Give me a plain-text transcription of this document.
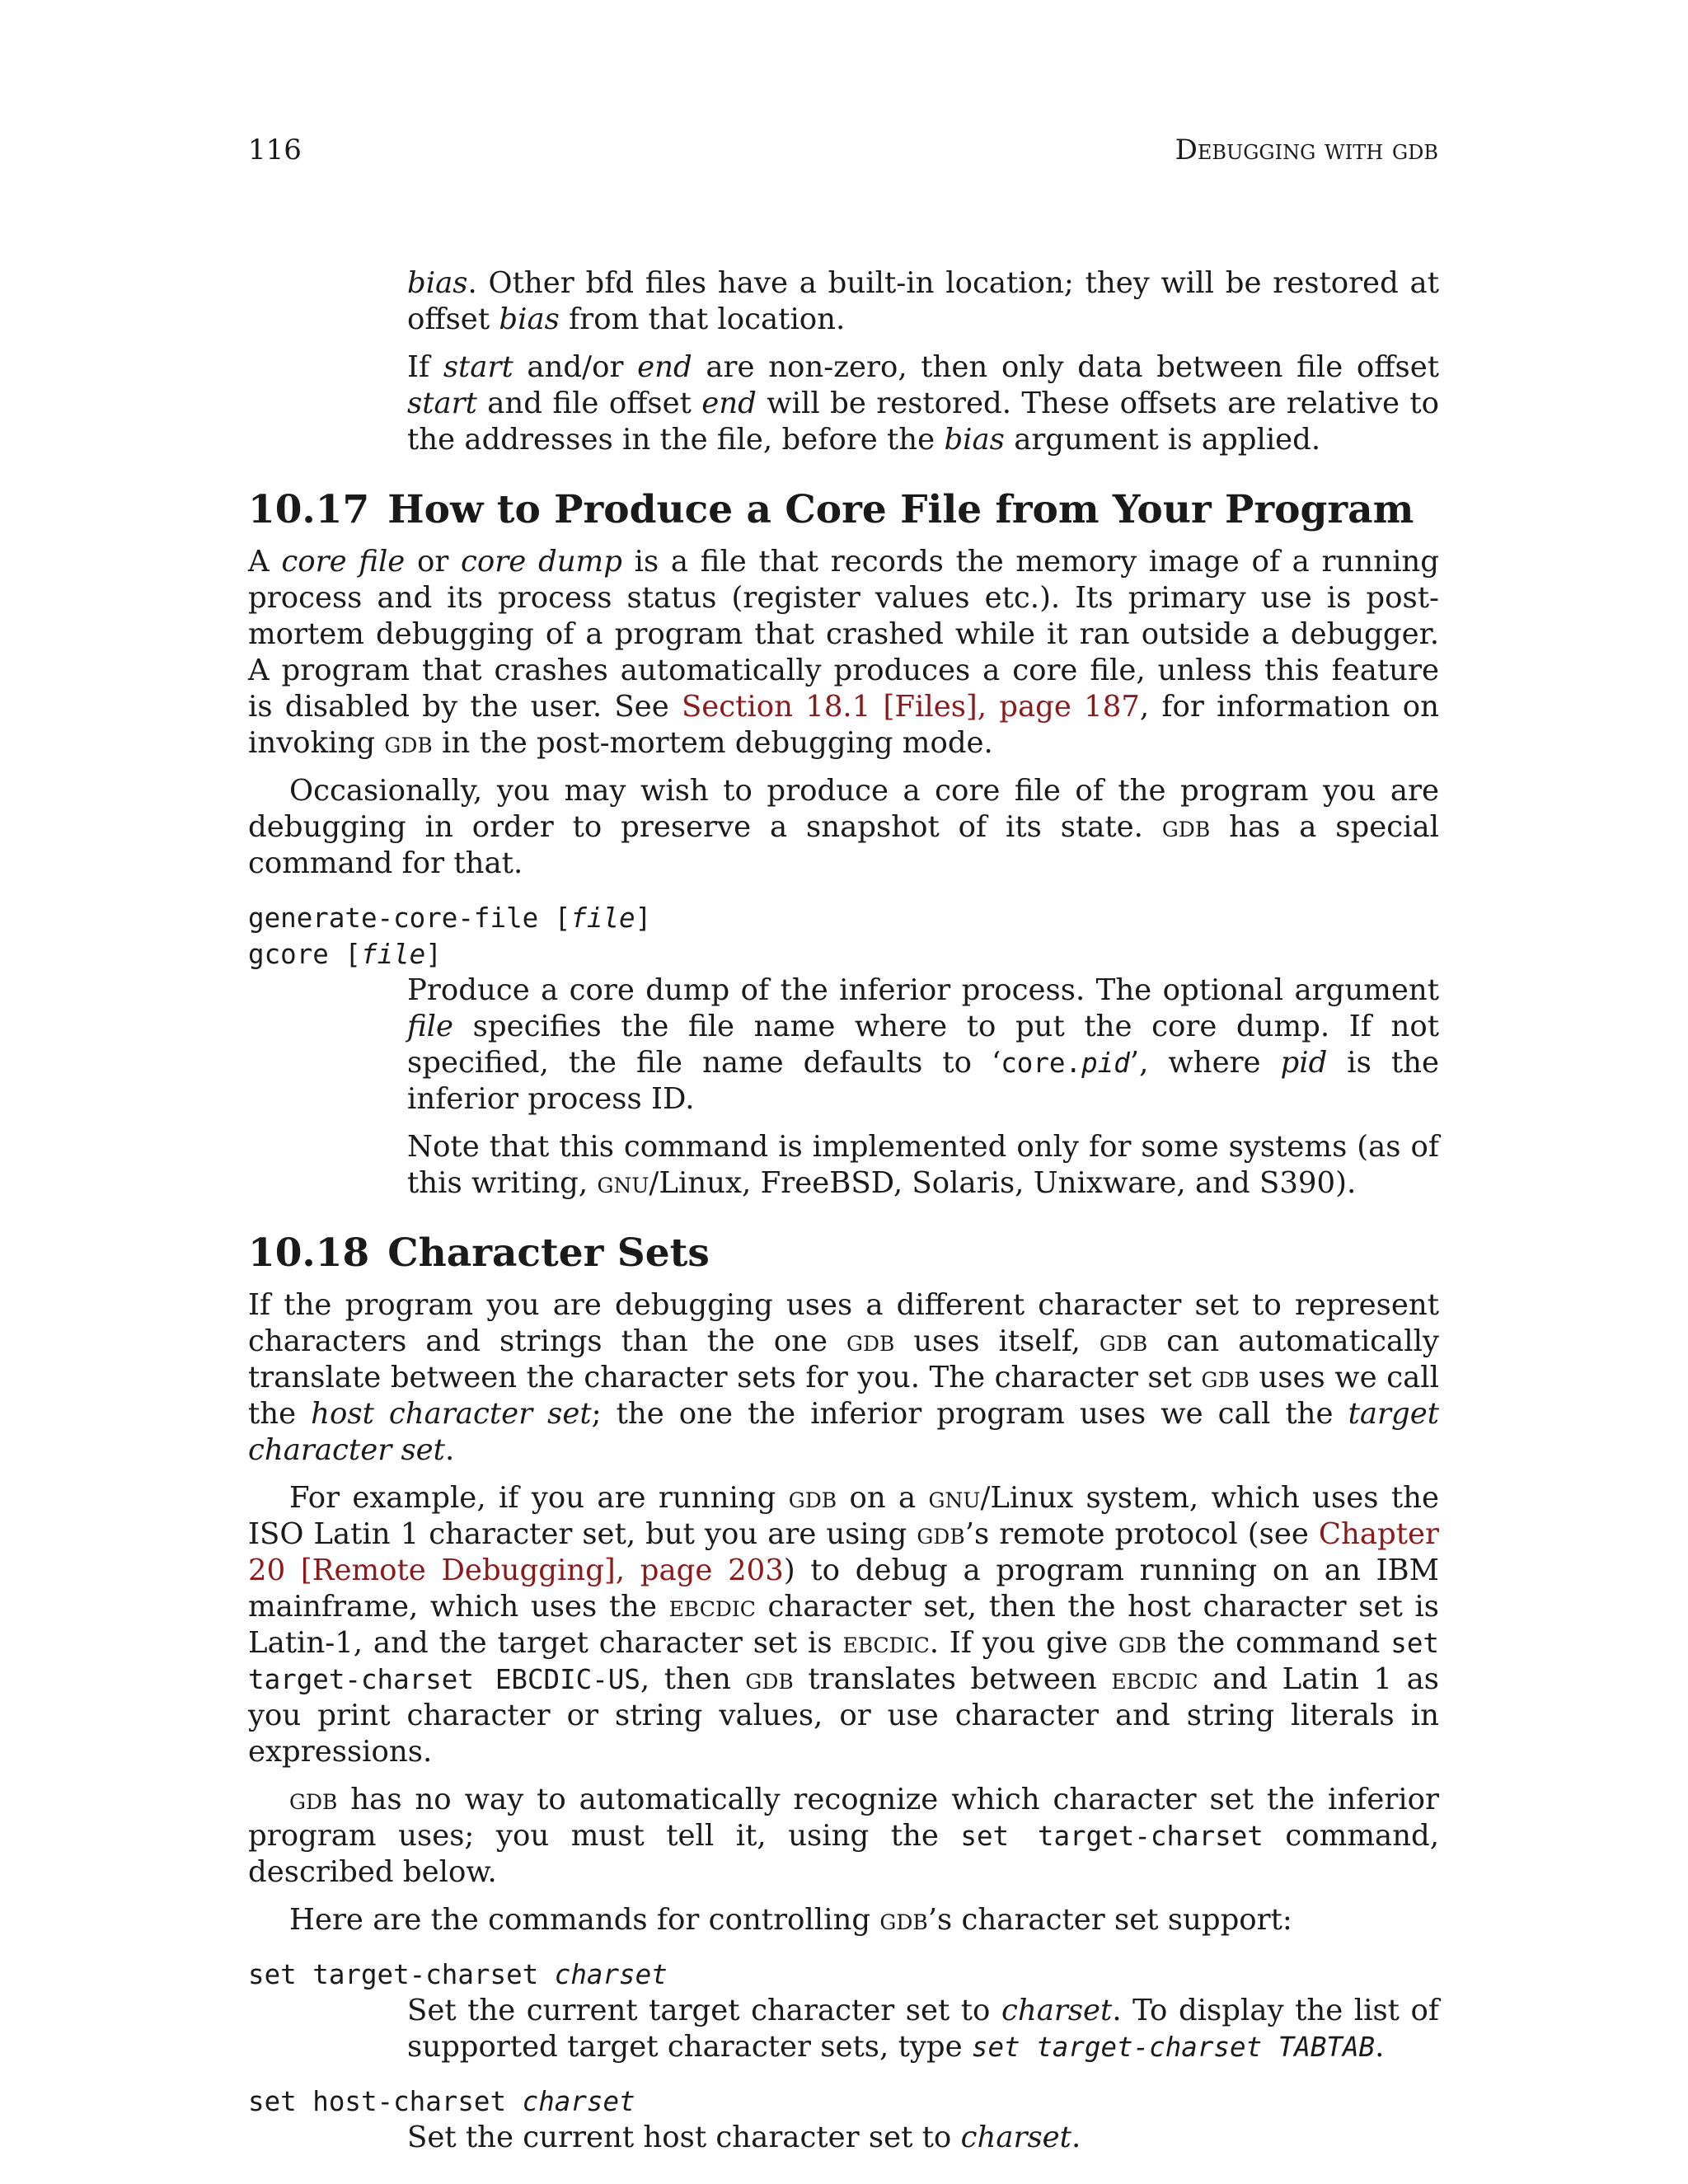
116	Debugging with gdb

bias. Other bfd files have a built-in location; they will be restored at offset bias from that location.

If start and/or end are non-zero, then only data between file offset start and file offset end will be restored. These offsets are relative to the addresses in the file, before the bias argument is applied.

10.17 How to Produce a Core File from Your Program

A core file or core dump is a file that records the memory image of a running process and its process status (register values etc.). Its primary use is post-mortem debugging of a program that crashed while it ran outside a debugger. A program that crashes automatically produces a core file, unless this feature is disabled by the user. See Section 18.1 [Files], page 187, for information on invoking gdb in the post-mortem debugging mode.

Occasionally, you may wish to produce a core file of the program you are debugging in order to preserve a snapshot of its state. gdb has a special command for that.

generate-core-file [file]
gcore [file]

Produce a core dump of the inferior process. The optional argument file specifies the file name where to put the core dump. If not specified, the file name defaults to ‘core.pid’, where pid is the inferior process ID.

Note that this command is implemented only for some systems (as of this writing, gnu/Linux, FreeBSD, Solaris, Unixware, and S390).

10.18 Character Sets

If the program you are debugging uses a different character set to represent characters and strings than the one gdb uses itself, gdb can automatically translate between the character sets for you. The character set gdb uses we call the host character set; the one the inferior program uses we call the target character set.

For example, if you are running gdb on a gnu/Linux system, which uses the ISO Latin 1 character set, but you are using gdb’s remote protocol (see Chapter 20 [Remote Debugging], page 203) to debug a program running on an IBM mainframe, which uses the ebcdic character set, then the host character set is Latin-1, and the target character set is ebcdic. If you give gdb the command set target-charset EBCDIC-US, then gdb translates between ebcdic and Latin 1 as you print character or string values, or use character and string literals in expressions.

gdb has no way to automatically recognize which character set the inferior program uses; you must tell it, using the set target-charset command, described below.

Here are the commands for controlling gdb’s character set support:

set target-charset charset

Set the current target character set to charset. To display the list of supported target character sets, type set target-charset TABTAB.

set host-charset charset

Set the current host character set to charset.
